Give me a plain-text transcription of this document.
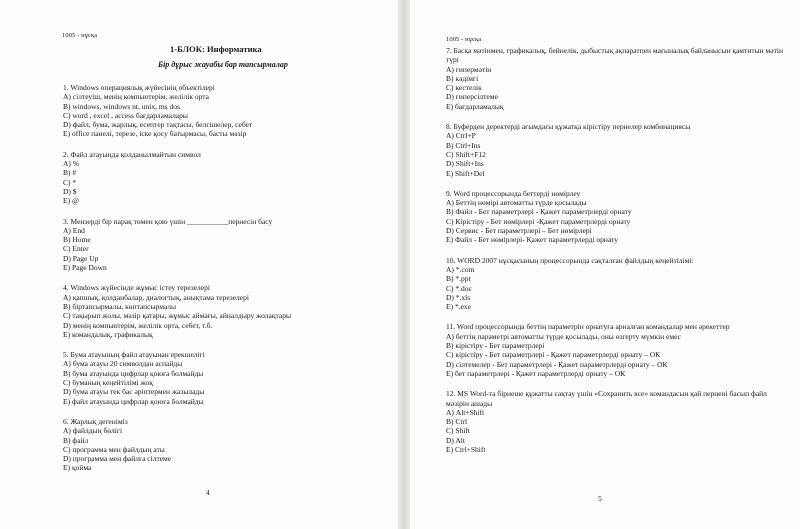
1005 - нұсқа
1-БЛОК: Информатика
Бір дұрыс жауабы бар тапсырмалар
1. Windows операциялық жүйесінің объектілері
А) сілтеуіш, менің компьютерім, желілік орта
В) windows, windows nt, unix, ms dos
С) word , excel , access бағдарламалары
D) файл, бума, жарлық, есептер тақтасы, белгішелер, себет
Е) office панелі, терезе, іске қосу батырмасы, басты мәзір
2. Файл атауында қолданылмайтын символ
А) %
В) #
С) *
D) $
Е) @
3. Мензерді бір парақ төмен қою үшін ___________пернесін басу
А) End
В) Home
С) Enter
D) Page Up
Е) Page Down
4. Windows жүйесінде жұмыс істеу терезелері
А) қапшық, қолданбалар, диалогтық, анықтама терезелері
В) біртапсырмалы, көптапсырмалы
С) тақырып жолы, мәзір қатары, жұмыс аймағы, айналдыру жолақтары
D) менің компьютерім, желілік орта, себет, т.б.
Е) командалық, графикалық
5. Бума атауының файл атауынан ерекшелігі
А) бума атауы 20 символдан аспайды
В) бума атауында цифрлар қоюға болмайды
С) буманың кеңейтілімі жоқ
D) бума атауы тек бас әріптермен жазылады
Е) файл атауында цифрлар қоюға болмайды
6. Жарлық дегеніміз
А) файлдың бөлігі
В) файл
С) программа мен файлдың аты
D) программа мен файлға сілтеме
Е) қойма
4
1005 - нұсқа
7. Басқа мәтінмен, графикалық, бейнелік, дыбыстық ақпаратпен мағыналық байланысын қамтитын мәтін түрі
А) гипермәтін
В) кәдімгі
С) кестелік
D) гиперсілтеме
Е) бағдарламалық
8. Буферден деректерді ағымдағы құжатқа кірістіру пернелер комбинациясы
А) Ctrl+P
В) Ctrl+Ins
С) Shift+F12
D) Shift+Ins
Е) Shift+Del
9. Word процессорында беттерді нөмірлеу
А) Беттің нөмірі автоматты түрде қосылады
В) Файл - Бет параметрлері - Қажет параметрлерді орнату
С) Кірістіру - Бет нөмірлері -Қажет параметрлерді орнату
D) Сервис - Бет параметрлері – Бет нөмірлері
Е) Файл - Бет нөмірлері- Қажет параметрлерді орнату
10. WORD 2007 нұсқасының процессорында сақталған файлдың кеңейтілімі:
А) *.com
В) *.ppt
С) *.doc
D) *.xls
Е) *.exe
11. Word процессорында беттің параметрін орнатуға арналған командалар мен әрекеттер
А) беттің параметрі автоматты түрде қосылады, оны өзгерту мүмкін емес
В) кірістіру - Бет параметрлері
С) кірістіру - Бет параметрлері - Қажет параметрлерді орнату – ОК
D) сілтемелер - Бет параметрлері - Қажет параметрлерді орнату – ОК
Е) бет параметрлері - Қажет параметрлерді орнату – ОК
12. MS Word-та бірнеше құжатты сақтау үшін «Сохранить все» командасын қай пернені басып файл мәзірін ашады
А) Alt+Shift
В) Ctrl
С) Shift
D) Alt
Е) Ctrl+Shift
5
